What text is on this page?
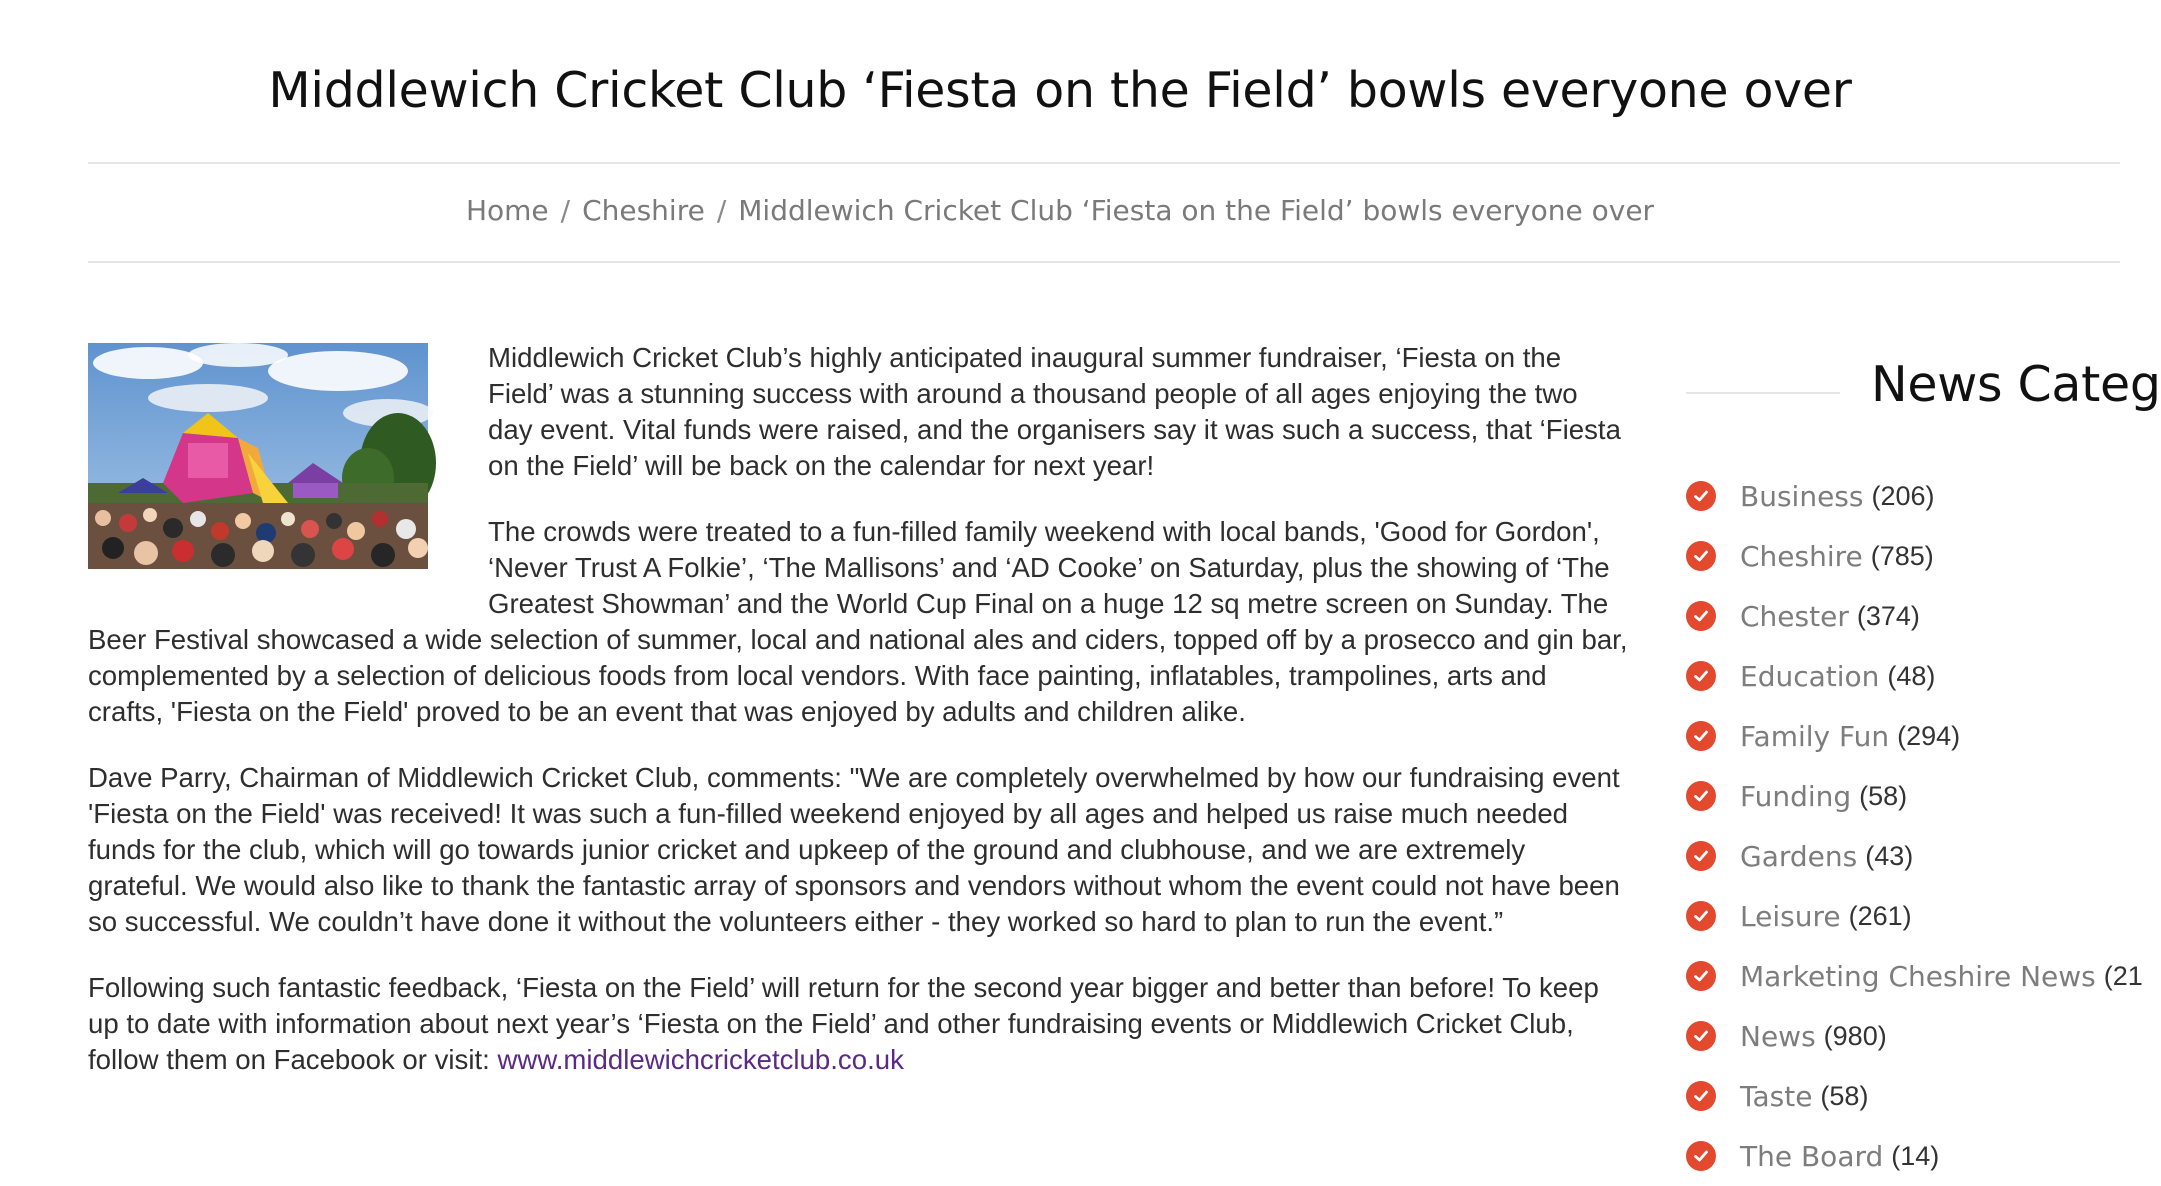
Middlewich Cricket Club ‘Fiesta on the Field’ bowls everyone over
Home / Cheshire / Middlewich Cricket Club ‘Fiesta on the Field’ bowls everyone over

Middlewich Cricket Club’s highly anticipated inaugural summer fundraiser, ‘Fiesta on the Field’ was a stunning success with around a thousand people of all ages enjoying the two day event. Vital funds were raised, and the organisers say it was such a success, that ‘Fiesta on the Field’ will be back on the calendar for next year!

The crowds were treated to a fun-filled family weekend with local bands, 'Good for Gordon', ‘Never Trust A Folkie’, ‘The Mallisons’ and ‘AD Cooke’ on Saturday, plus the showing of ‘The Greatest Showman’ and the World Cup Final on a huge 12 sq metre screen on Sunday. The Beer Festival showcased a wide selection of summer, local and national ales and ciders, topped off by a prosecco and gin bar, complemented by a selection of delicious foods from local vendors. With face painting, inflatables, trampolines, arts and crafts, 'Fiesta on the Field' proved to be an event that was enjoyed by adults and children alike.

Dave Parry, Chairman of Middlewich Cricket Club, comments: "We are completely overwhelmed by how our fundraising event 'Fiesta on the Field' was received! It was such a fun-filled weekend enjoyed by all ages and helped us raise much needed funds for the club, which will go towards junior cricket and upkeep of the ground and clubhouse, and we are extremely grateful. We would also like to thank the fantastic array of sponsors and vendors without whom the event could not have been so successful. We couldn’t have done it without the volunteers either - they worked so hard to plan to run the event.”

Following such fantastic feedback, ‘Fiesta on the Field’ will return for the second year bigger and better than before! To keep up to date with information about next year’s ‘Fiesta on the Field’ and other fundraising events or Middlewich Cricket Club, follow them on Facebook or visit: www.middlewichcricketclub.co.uk

News Categ
Business (206)
Cheshire (785)
Chester (374)
Education (48)
Family Fun (294)
Funding (58)
Gardens (43)
Leisure (261)
Marketing Cheshire News (21
News (980)
Taste (58)
The Board (14)
